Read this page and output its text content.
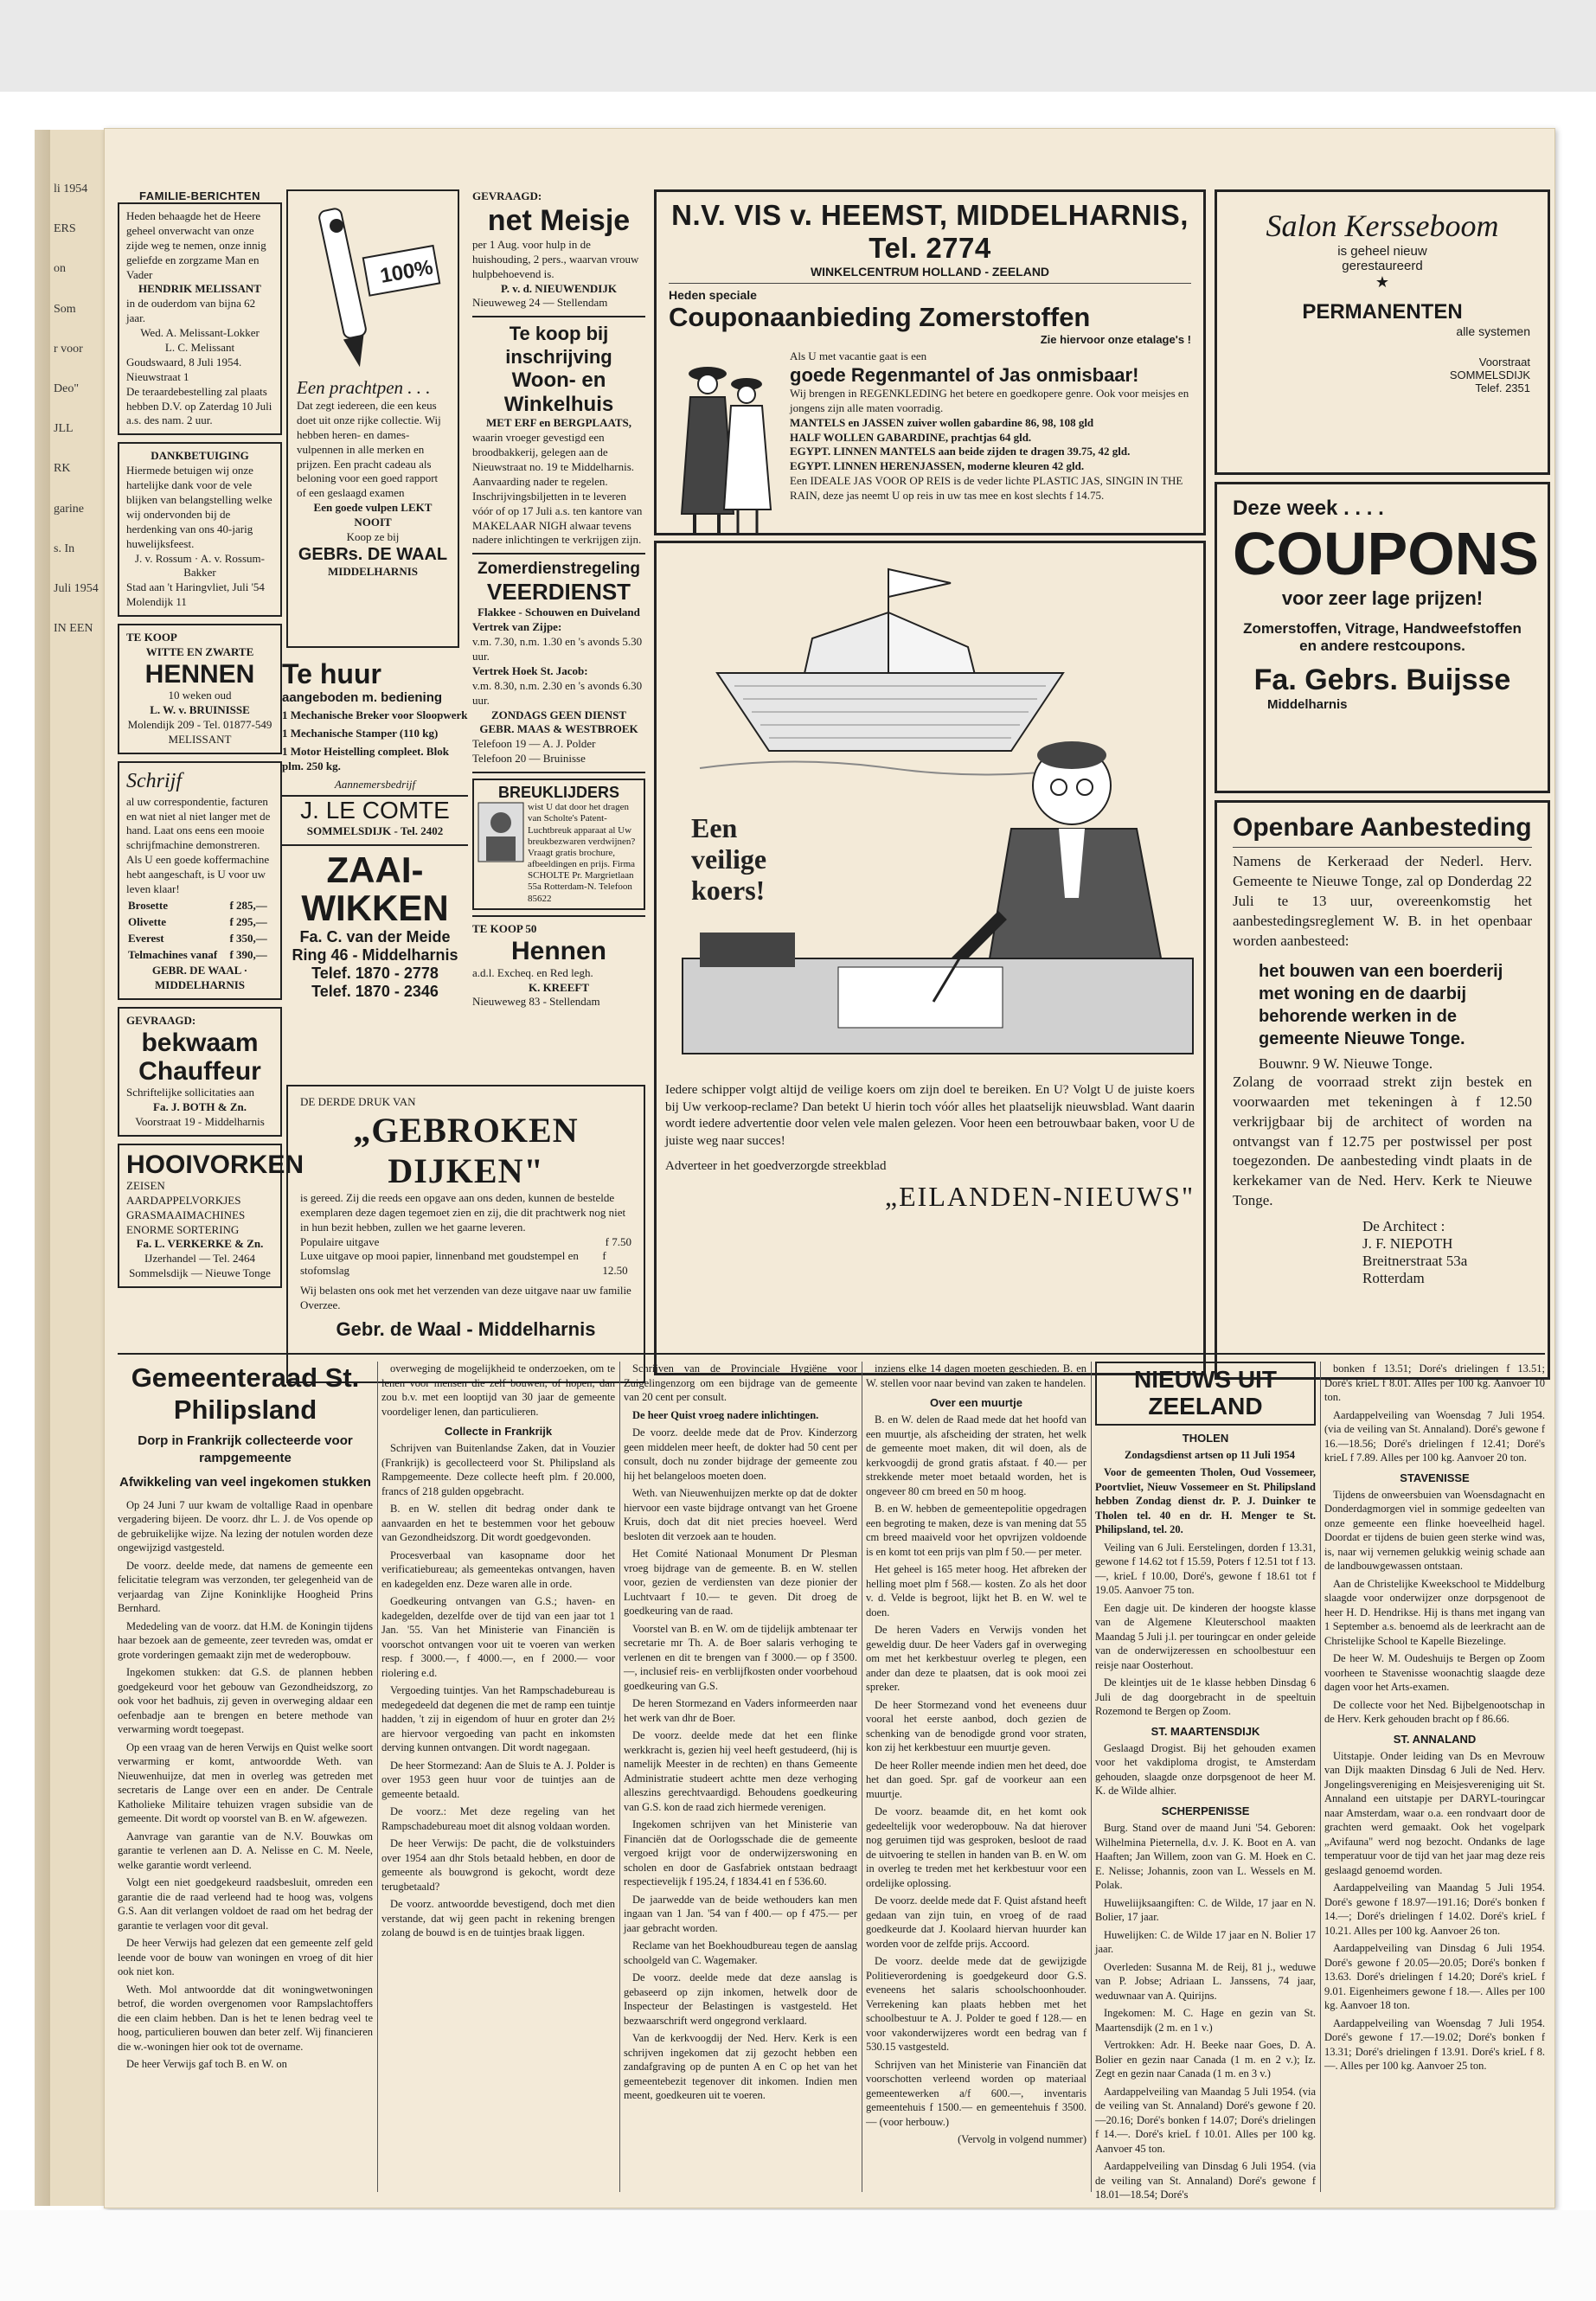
li 1954

ERS

on

Som

r voor

Deo"

JLL

RK

garine

s. In

Juli 1954

IN EEN

FAMILIE-BERICHTEN
Heden behaagde het de Heere geheel onverwacht van onze zijde weg te nemen, onze innig geliefde en zorgzame Man en Vader
HENDRIK MELISSANT
in de ouderdom van bijna 62 jaar.
Wed. A. Melissant-Lokker
L. C. Melissant
Goudswaard, 8 Juli 1954. Nieuwstraat 1
De teraardebestelling zal plaats hebben D.V. op Zaterdag 10 Juli a.s. des nam. 2 uur.
DANKBETUIGING
Hiermede betuigen wij onze hartelijke dank voor de vele blijken van belangstelling welke wij ondervonden bij de herdenking van ons 40-jarig huwelijksfeest.
J. v. Rossum · A. v. Rossum-Bakker
Stad aan 't Haringvliet, Juli '54 Molendijk 11
TE KOOP
WITTE EN ZWARTE
HENNEN
10 weken oud
L. W. v. BRUINISSE
Molendijk 209 - Tel. 01877-549 MELISSANT
Schrijf
al uw correspondentie, facturen en wat niet al niet langer met de hand. Laat ons eens een mooie schrijfmachine demonstreren. Als U een goede koffermachine hebt aangeschaft, is U voor uw leven klaar!
Brosette	f 285,—
Olivette	f 295,—
Everest	f 350,—
Telmachines vanaf	f 390,—
GEBR. DE WAAL · MIDDELHARNIS
GEVRAAGD:
bekwaam Chauffeur
Schriftelijke sollicitaties aan
Fa. J. BOTH & Zn.
Voorstraat 19 - Middelharnis
HOOIVORKEN
ZEISEN
AARDAPPELVORKJES
GRASMAAIMACHINES
ENORME SORTERING
Fa. L. VERKERKE & Zn.
IJzerhandel — Tel. 2464 Sommelsdijk — Nieuwe Tonge
100%
Een prachtpen . . .
Dat zegt iedereen, die een keus doet uit onze rijke collectie. Wij hebben heren- en dames-vulpennen in alle merken en prijzen. Een pracht cadeau als beloning voor een goed rapport of een geslaagd examen
Een goede vulpen LEKT NOOIT
Koop ze bij
GEBRs. DE WAAL
MIDDELHARNIS
Te huur
aangeboden m. bediening
1 Mechanische Breker voor Sloopwerk
1 Mechanische Stamper (110 kg)
1 Motor Heistelling compleet. Blok plm. 250 kg.
Aannemersbedrijf
J. LE COMTE
SOMMELSDIJK - Tel. 2402
ZAAI-WIKKEN
Fa. C. van der Meide
Ring 46 - Middelharnis
Telef. 1870 - 2778
Telef. 1870 - 2346
DE DERDE DRUK VAN
„GEBROKEN DIJKEN"
is gereed. Zij die reeds een opgave aan ons deden, kunnen de bestelde exemplaren deze dagen tegemoet zien en zij, die dit prachtwerk nog niet in hun bezit hebben, zullen we het gaarne leveren.
Populaire uitgave	f 7.50
Luxe uitgave op mooi papier, linnenband met goudstempel en stofomslag
f 12.50
Wij belasten ons ook met het verzenden van deze uitgave naar uw familie Overzee.
Gebr. de Waal - Middelharnis
GEVRAAGD:
net Meisje
per 1 Aug. voor hulp in de huishouding, 2 pers., waarvan vrouw hulpbehoevend is.
P. v. d. NIEUWENDIJK
Nieuweweg 24 — Stellendam
Te koop bij inschrijving
Woon- en Winkelhuis
MET ERF en BERGPLAATS,
waarin vroeger gevestigd een broodbakkerij, gelegen aan de Nieuwstraat no. 19 te Middelharnis. Aanvaarding nader te regelen. Inschrijvingsbiljetten in te leveren vóór of op 17 Juli a.s. ten kantore van MAKELAAR NIGH alwaar tevens nadere inlichtingen te verkrijgen zijn.
Zomerdienstregeling
VEERDIENST
Flakkee - Schouwen en Duiveland
Vertrek van Zijpe:
v.m. 7.30, n.m. 1.30 en 's avonds 5.30 uur.
Vertrek Hoek St. Jacob:
v.m. 8.30, n.m. 2.30 en 's avonds 6.30 uur.
ZONDAGS GEEN DIENST
GEBR. MAAS & WESTBROEK
Telefoon 19 — A. J. Polder
Telefoon 20 — Bruinisse
BREUKLIJDERS
wist U dat door het dragen van Scholte's Patent-Luchtbreuk apparaat al Uw breukbezwaren verdwijnen? Vraagt gratis brochure, afbeeldingen en prijs. Firma SCHOLTE Pr. Margrietlaan 55a Rotterdam-N. Telefoon 85622
TE KOOP 50
Hennen
a.d.l. Excheq. en Red legh.
K. KREEFT
Nieuweweg 83 - Stellendam
N.V. VIS v. HEEMST, MIDDELHARNIS, Tel. 2774
WINKELCENTRUM HOLLAND - ZEELAND
Heden speciale
Couponaanbieding Zomerstoffen
Zie hiervoor onze etalage's !
Als U met vacantie gaat is een
goede Regenmantel of Jas onmisbaar!
Wij brengen in REGENKLEDING het betere en goedkopere genre. Ook voor meisjes en jongens zijn alle maten voorradig.
MANTELS en JASSEN zuiver wollen gabardine 86, 98, 108 gld
HALF WOLLEN GABARDINE, prachtjas 64 gld.
EGYPT. LINNEN MANTELS aan beide zijden te dragen 39.75, 42 gld.
EGYPT. LINNEN HERENJASSEN, moderne kleuren 42 gld.
Een IDEALE JAS VOOR OP REIS is de veder lichte PLASTIC JAS, SINGIN IN THE RAIN, deze jas neemt U op reis in uw tas mee en kost slechts f 14.75.
Een veilige koers!
Iedere schipper volgt altijd de veilige koers om zijn doel te bereiken. En U? Volgt U de juiste koers bij Uw verkoop-reclame? Dan betekt U hierin toch vóór alles het plaatselijk nieuwsblad. Want daarin wordt iedere advertentie door velen vele malen gelezen. Voor heen een betrouwbaar baken, voor U de juiste weg naar succes!
Adverteer in het goedverzorgde streekblad
„EILANDEN-NIEUWS"
Salon Kersseboom
is geheel nieuw
gerestaureerd
★
PERMANENTEN
alle systemen
Voorstraat
SOMMELSDIJK
Telef. 2351
Deze week . . . .
COUPONS
voor zeer lage prijzen!
Zomerstoffen, Vitrage, Handweefstoffen en andere restcoupons.
Fa. Gebrs. Buijsse
Middelharnis
Openbare Aanbesteding
Namens de Kerkeraad der Nederl. Herv. Gemeente te Nieuwe Tonge, zal op Donderdag 22 Juli te 13 uur, overeenkomstig het aanbestedingsreglement W. B. in het openbaar worden aanbesteed:
het bouwen van een boerderij met woning en de daarbij behorende werken in de gemeente Nieuwe Tonge.
Bouwnr. 9 W. Nieuwe Tonge.
Zolang de voorraad strekt zijn bestek en voorwaarden met tekeningen à f 12.50 verkrijgbaar bij de architect of worden na ontvangst van f 12.75 per postwissel per post toegezonden. De aanbesteding vindt plaats in de kerkekamer van de Ned. Herv. Kerk te Nieuwe Tonge.
De Architect :
J. F. NIEPOTH
Breitnerstraat 53a
Rotterdam
Gemeenteraad St. Philipsland
Dorp in Frankrijk collecteerde voor rampgemeente
Afwikkeling van veel ingekomen stukken

Op 24 Juni 7 uur kwam de voltallige Raad in openbare vergadering bijeen. De voorz. dhr L. J. de Vos opende op de gebruikelijke wijze. Na lezing der notulen worden deze ongewijzigd vastgesteld.

De voorz. deelde mede, dat namens de gemeente een felicitatie telegram was verzonden, ter gelegenheid van de verjaardag van Zijne Koninklijke Hoogheid Prins Bernhard.

Mededeling van de voorz. dat H.M. de Koningin tijdens haar bezoek aan de gemeente, zeer tevreden was, omdat er grote vorderingen gemaakt zijn met de wederopbouw.

Ingekomen stukken: dat G.S. de plannen hebben goedgekeurd voor het gebouw van Gezondheidszorg, zo ook voor het badhuis, zij geven in overweging aldaar een oefenbadje aan te brengen en betere methode van verwarming wordt toegepast.

Op een vraag van de heren Verwijs en Quist welke soort verwarming er komt, antwoordde Weth. van Nieuwenhuijze, dat men in overleg was getreden met secretaris de Lange over een en ander. De Centrale Katholieke Militaire tehuizen vragen subsidie van de gemeente. Dit wordt op voorstel van B. en W. afgewezen.

Aanvrage van garantie van de N.V. Bouwkas om garantie te verlenen aan D. A. Nelisse en C. M. Neele, welke garantie wordt verleend.

Volgt een niet goedgekeurd raadsbesluit, omreden een garantie die de raad verleend had te hoog was, volgens G.S. Aan dit verlangen voldoet de raad om het bedrag der garantie te verlagen voor dit geval.

De heer Verwijs had gelezen dat een gemeente zelf geld leende voor de bouw van woningen en vroeg of dit hier ook niet kon.

Weth. Mol antwoordde dat dit woningwetwoningen betrof, die worden overgenomen voor Rampslachtoffers die een claim hebben. Dan is het te lenen bedrag veel te hoog, particulieren bouwen dan beter zelf. Wij financieren die w.-woningen hier ook tot de overname.

De heer Verwijs gaf toch B. en W. on

overweging de mogelijkheid te onderzoeken, om te lenen voor mensen die zelf bouwen, of hopen, dan zou b.v. met een looptijd van 30 jaar de gemeente voordeliger lenen, dan particulieren.

Collecte in Frankrijk

Schrijven van Buitenlandse Zaken, dat in Vouzier (Frankrijk) is gecollecteerd voor St. Philipsland als Rampgemeente. Deze collecte heeft plm. f 20.000, francs of 218 gulden opgebracht.

B. en W. stellen dit bedrag onder dank te aanvaarden en het te bestemmen voor het gebouw van Gezondheidszorg. Dit wordt goedgevonden.

Procesverbaal van kasopname door het verificatiebureau; als gemeentekas ontvangen, haven en kadegelden enz. Deze waren alle in orde.

Goedkeuring ontvangen van G.S.; haven- en kadegelden, dezelfde over de tijd van een jaar tot 1 Jan. '55. Van het Ministerie van Financiën is voorschot ontvangen voor uit te voeren van werken resp. f 3000.—, f 4000.—, en f 2000.— voor riolering e.d.

Vergoeding tuintjes. Van het Rampschadebureau is medegedeeld dat degenen die met de ramp een tuintje hadden, 't zij in eigendom of huur en groter dan 2½ are hiervoor vergoeding van pacht en inkomsten derving kunnen ontvangen. Dit wordt nagegaan.

De heer Stormezand: Aan de Sluis te A. J. Polder is over 1953 geen huur voor de tuintjes aan de gemeente betaald.

De voorz.: Met deze regeling van het Rampschadebureau moet dit alsnog voldaan worden.

De heer Verwijs: De pacht, die de volkstuinders over 1954 aan dhr Stols betaald hebben, en door de gemeente als bouwgrond is gekocht, wordt deze terugbetaald?

De voorz. antwoordde bevestigend, doch met dien verstande, dat wij geen pacht in rekening brengen zolang de bouwd is en de tuintjes braak liggen.

Schrijven van de Provinciale Hygiëne voor Zuigelingenzorg om een bijdrage van de gemeente van 20 cent per consult.

De heer Quist vroeg nadere inlichtingen.

De voorz. deelde mede dat de Prov. Kinderzorg geen middelen meer heeft, de dokter had 50 cent per consult, doch nu zonder bijdrage der gemeente zou hij het belangeloos moeten doen.

Weth. van Nieuwenhuijzen merkte op dat de dokter hiervoor een vaste bijdrage ontvangt van het Groene Kruis, doch dat dit niet precies hoeveel. Werd besloten dit verzoek aan te houden.

Het Comité Nationaal Monument Dr Plesman vroeg bijdrage van de gemeente. B. en W. stellen voor, gezien de verdiensten van deze pionier der Luchtvaart f 10.— te geven. Dit droeg de goedkeuring van de raad.

Voorstel van B. en W. om de tijdelijk ambtenaar ter secretarie mr Th. A. de Boer salaris verhoging te verlenen en dit te brengen van f 3000.— op f 3500.—, inclusief reis- en verblijfkosten onder voorbehoud goedkeuring van G.S.

De heren Stormezand en Vaders informeerden naar het werk van dhr de Boer.

De voorz. deelde mede dat het een flinke werkkracht is, gezien hij veel heeft gestudeerd, (hij is namelijk Meester in de rechten) en thans Gemeente Administratie studeert achtte men deze verhoging alleszins gerechtvaardigd. Behoudens goedkeuring van G.S. kon de raad zich hiermede verenigen.

Ingekomen schrijven van het Ministerie van Financiën dat de Oorlogsschade die de gemeente vergoed krijgt voor de onderwijzerswoning en scholen en door de Gasfabriek ontstaan bedraagt respectievelijk f 195.24, f 1834.41 en f 536.60.

De jaarwedde van de beide wethouders kan men ingaan van 1 Jan. '54 van f 400.— op f 475.— per jaar gebracht worden.

Reclame van het Boekhoudbureau tegen de aanslag schoolgeld van C. Wagemaker.

De voorz. deelde mede dat deze aanslag is gebaseerd op zijn inkomen, hetwelk door de Inspecteur der Belastingen is vastgesteld. Het bezwaarschrift werd ongegrond verklaard.

Van de kerkvoogdij der Ned. Herv. Kerk is een schrijven ingekomen dat zij gezocht hebben een zandafgraving op de punten A en C op het van het gemeentebezit tegenover dit inkomen. Indien men meent, goedkeuren uit te voeren.

inziens elke 14 dagen moeten geschieden. B. en W. stellen voor naar bevind van zaken te handelen.

Over een muurtje

B. en W. delen de Raad mede dat het hoofd van een muurtje, als afscheiding der straten, het welk de gemeente moet maken, dit wil doen, als de kerkvoogdij de grond gratis afstaat. f 40.— per strekkende meter moet betaald worden, het is ongeveer 80 cm breed en 50 m hoog.

B. en W. hebben de gemeentepolitie opgedragen een begroting te maken, deze is van mening dat 55 cm breed maaiveld voor het opvrijzen voldoende is en komt tot een prijs van plm f 50.— per meter.

Het geheel is 165 meter hoog. Het afbreken der helling moet plm f 568.— kosten. Zo als het door v. d. Velde is begroot, lijkt het B. en W. wel te doen.

De heren Vaders en Verwijs vonden het geweldig duur. De heer Vaders gaf in overweging om met het kerkbestuur overleg te plegen, een ander dan deze te plaatsen, dat is ook mooi zei spreker.

De heer Stormezand vond het eveneens duur vooral het eerste aanbod, doch gezien de schenking van de benodigde grond voor straten, kon zij het kerkbestuur een muurtje geven.

De heer Roller meende indien men het deed, doe het dan goed. Spr. gaf de voorkeur aan een muurtje.

De voorz. beaamde dit, en het komt ook gedeeltelijk voor wederopbouw. Na dat hierover nog geruimen tijd was gesproken, besloot de raad de uitvoering te stellen in handen van B. en W. om in overleg te treden met het kerkbestuur voor een ordelijke oplossing.

De voorz. deelde mede dat F. Quist afstand heeft gedaan van zijn tuin, en vroeg of de raad goedkeurde dat J. Koolaard hiervan huurder kan worden voor de zelfde prijs. Accoord.

De voorz. deelde mede dat de gewijzigde Politieverordening is goedgekeurd door G.S. eveneens het salaris schoolschoonhouder. Verrekening kan plaats hebben met het schoolbestuur te A. J. Polder te goed f 128.— en voor vakonderwijzeres wordt een bedrag van f 530.15 vastgesteld.

Schrijven van het Ministerie van Financiën dat voorschotten verleend worden op materiaal gemeentewerken a/f 600.—, inventaris gemeentehuis f 1500.— en gemeentehuis f 3500.— (voor herbouw.)

(Vervolg in volgend nummer)

NIEUWS UIT ZEELAND
THOLEN

Zondagsdienst artsen op 11 Juli 1954

Voor de gemeenten Tholen, Oud Vossemeer, Poortvliet, Nieuw Vossemeer en St. Philipsland hebben Zondag dienst dr. P. J. Duinker te Tholen tel. 40 en dr. H. Menger te St. Philipsland, tel. 20.

Veiling van 6 Juli. Eerstelingen, dorden f 13.31, gewone f 14.62 tot f 15.59, Poters f 12.51 tot f 13.—, krieL f 10.00, Doré's, gewone f 18.61 tot f 19.05. Aanvoer 75 ton.

Een dagje uit. De kinderen der hoogste klasse van de Algemene Kleuterschool maakten Maandag 5 Juli j.l. per touringcar en onder geleide van de onderwijzeressen en schoolbestuur een reisje naar Oosterhout.

De kleintjes uit de 1e klasse hebben Dinsdag 6 Juli de dag doorgebracht in de speeltuin Rozemond te Bergen op Zoom.

ST. MAARTENSDIJK

Geslaagd Drogist. Bij het gehouden examen voor het vakdiploma drogist, te Amsterdam gehouden, slaagde onze dorpsgenoot de heer M. K. de Wilde alhier.

SCHERPENISSE

Burg. Stand over de maand Juni '54. Geboren: Wilhelmina Pieternella, d.v. J. K. Boot en A. van Haaften; Jan Willem, zoon van G. M. Hoek en C. E. Nelisse; Johannis, zoon van L. Wessels en M. Polak.

Huweliijksaangiften: C. de Wilde, 17 jaar en N. Bolier, 17 jaar.

Huwelijken: C. de Wilde 17 jaar en N. Bolier 17 jaar.

Overleden: Susanna M. de Reij, 81 j., weduwe van P. Jobse; Adriaan L. Janssens, 74 jaar, weduwnaar van A. Quirijns.

Ingekomen: M. C. Hage en gezin van St. Maartensdijk (2 m. en 1 v.)

Vertrokken: Adr. H. Beeke naar Goes, D. A. Bolier en gezin naar Canada (1 m. en 2 v.); Iz. Zegt en gezin naar Canada (1 m. en 3 v.)

Aardappelveiling van Maandag 5 Juli 1954. (via de veiling van St. Annaland) Doré's gewone f 20.—20.16; Doré's bonken f 14.07; Doré's drielingen f 14.—. Doré's krieL f 10.01. Alles per 100 kg. Aanvoer 45 ton.

Aardappelveiling van Dinsdag 6 Juli 1954. (via de veiling van St. Annaland) Doré's gewone f 18.01—18.54; Doré's

bonken f 13.51; Doré's drielingen f 13.51; Doré's krieL f 8.01. Alles per 100 kg. Aanvoer 10 ton.

Aardappelveiling van Woensdag 7 Juli 1954. (via de veiling van St. Annaland). Doré's gewone f 16.—18.56; Doré's drielingen f 12.41; Doré's krieL f 7.89. Alles per 100 kg. Aanvoer 20 ton.

STAVENISSE

Tijdens de onweersbuien van Woensdagnacht en Donderdagmorgen viel in sommige gedeelten van onze gemeente een flinke hoeveelheid hagel. Doordat er tijdens de buien geen sterke wind was, is, naar wij vernemen gelukkig weinig schade aan de landbouwgewassen ontstaan.

Aan de Christelijke Kweekschool te Middelburg slaagde voor onderwijzer onze dorpsgenoot de heer H. D. Hendrikse. Hij is thans met ingang van 1 September a.s. benoemd als de leerkracht aan de Christelijke School te Kapelle Biezelinge.

De heer W. M. Oudeshuijs te Bergen op Zoom voorheen te Stavenisse woonachtig slaagde deze dagen voor het Arts-examen.

De collecte voor het Ned. Bijbelgenootschap in de Herv. Kerk gehouden bracht op f 86.66.

ST. ANNALAND

Uitstapje. Onder leiding van Ds en Mevrouw van Dijk maakten Dinsdag 6 Juli de Ned. Herv. Jongelingsvereniging en Meisjesvereniging uit St. Annaland een uitstapje per DARYL-touringcar naar Amsterdam, waar o.a. een rondvaart door de grachten werd gemaakt. Ook het vogelpark „Avifauna" werd nog bezocht. Ondanks de lage temperatuur voor de tijd van het jaar mag deze reis geslaagd genoemd worden.

Aardappelveiling van Maandag 5 Juli 1954. Doré's gewone f 18.97—191.16; Doré's bonken f 14.—; Doré's drielingen f 14.02. Doré's krieL f 10.21. Alles per 100 kg. Aanvoer 26 ton.

Aardappelveiling van Dinsdag 6 Juli 1954. Doré's gewone f 20.05—20.05; Doré's bonken f 13.63. Doré's drielingen f 14.20; Doré's krieL f 9.01. Eigenheimers gewone f 18.—. Alles per 100 kg. Aanvoer 18 ton.

Aardappelveiling van Woensdag 7 Juli 1954. Doré's gewone f 17.—19.02; Doré's bonken f 13.31; Doré's drielingen f 13.91. Doré's krieL f 8.—. Alles per 100 kg. Aanvoer 25 ton.
